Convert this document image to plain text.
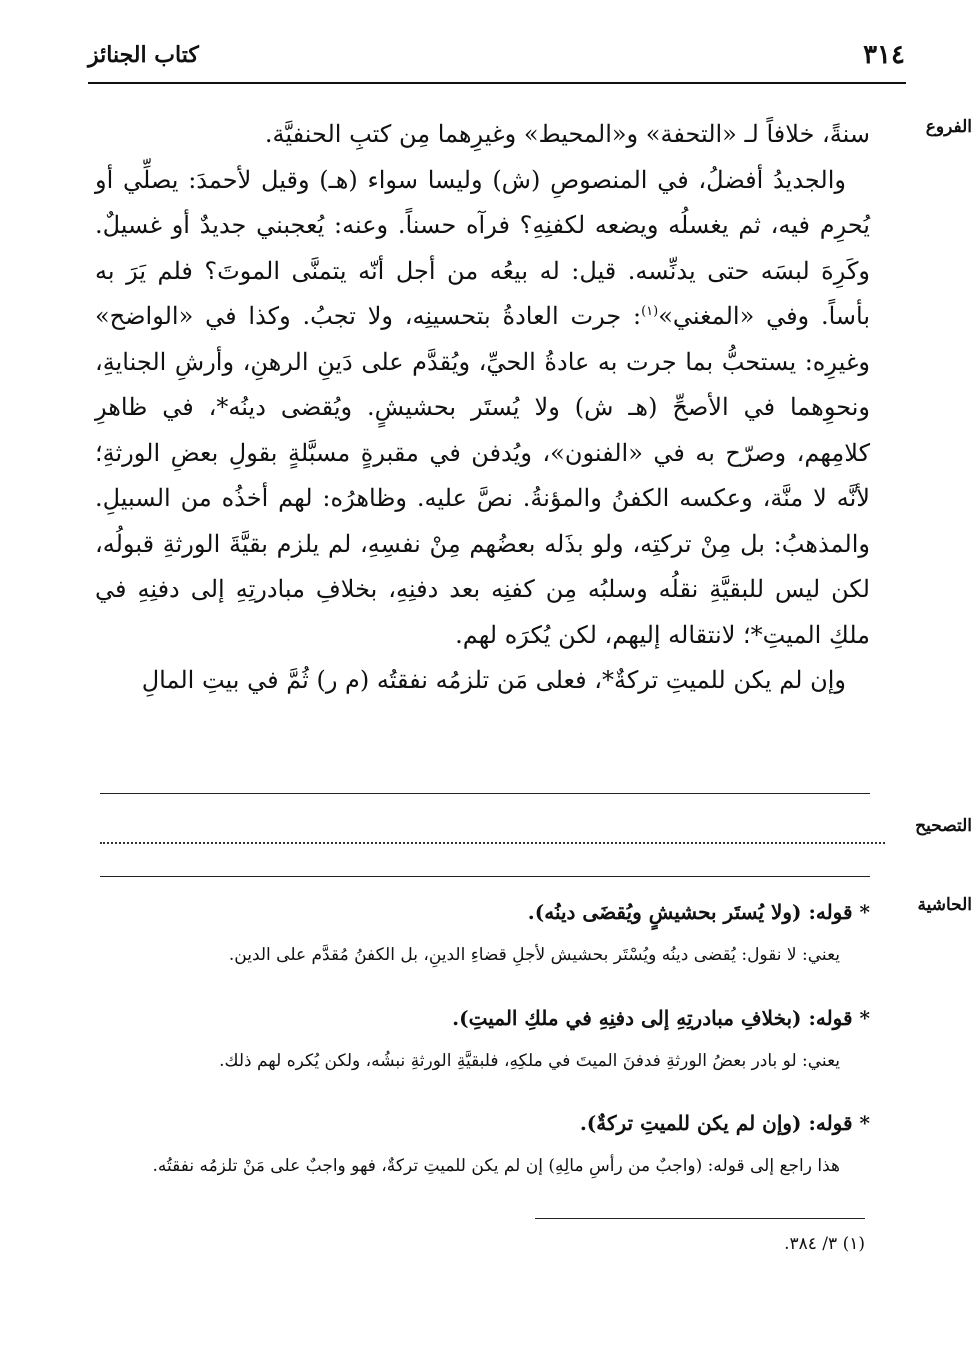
٣١٤
كتاب الجنائز
الفروع
التصحيح
الحاشية

سنةً، خلافاً لـ «التحفة» و«المحيط» وغيرِهما مِن كتبِ الحنفيَّة.

والجديدُ أفضلُ، في المنصوصِ (ش) وليسا سواء (هـ) وقيل لأحمدَ: يصلِّي أو يُحرِم فيه، ثم يغسلُه ويضعه لكفنِهِ؟ فرآه حسناً. وعنه: يُعجبني جديدٌ أو غسيلٌ. وكَرِهَ لبسَه حتى يدنِّسه. قيل: له بيعُه من أجل أنّه يتمنَّى الموتَ؟ فلم يَرَ به بأساً. وفي «المغني»$^{(١)}$: جرت العادةُ بتحسينِه، ولا تجبُ. وكذا في «الواضح» وغيرِه: يستحبُّ بما جرت به عادةُ الحيِّ، ويُقدَّم على دَينِ الرهنِ، وأرشِ الجنايةِ، ونحوِهما في الأصحِّ (هـ ش) ولا يُستَر بحشيشٍ. ويُقضى دينُه*، في ظاهرِ كلامِهم، وصرّح به في «الفنون»، ويُدفن في مقبرةٍ مسبَّلةٍ بقولِ بعضِ الورثةِ؛ لأنَّه لا منَّة، وعكسه الكفنُ والمؤنةُ. نصَّ عليه. وظاهرُه: لهم أخذُه من السبيلِ. والمذهبُ: بل مِنْ تركتِه، ولو بذَله بعضُهم مِنْ نفسِهِ، لم يلزم بقيَّةَ الورثةِ قبولُه، لكن ليس للبقيَّةِ نقلُه وسلبُه مِن كفنِه بعد دفنِهِ، بخلافِ مبادرتِهِ إلى دفنِهِ في ملكِ الميتِ*؛ لانتقاله إليهم، لكن يُكرَه لهم.

وإن لم يكن للميتِ تركةٌ*، فعلى مَن تلزمُه نفقتُه (م ر) ثُمَّ في بيتِ المالِ

* قوله: (ولا يُستَر بحشيشٍ ويُقضَى دينُه).
يعني: لا نقول: يُقضى دينُه ويُسْتَر بحشيش لأجلِ قضاءِ الدينِ، بل الكفنُ مُقدَّم على الدين.
* قوله: (بخلافِ مبادرتِهِ إلى دفنِهِ في ملكِ الميتِ).
يعني: لو بادر بعضُ الورثةِ فدفنَ الميتَ في ملكِهِ، فلبقيَّةِ الورثةِ نبشُه، ولكن يُكره لهم ذلك.
* قوله: (وإن لم يكن للميتِ تركةٌ).
هذا راجع إلى قوله: (واجبٌ من رأسِ مالِهِ) إن لم يكن للميتِ تركةٌ، فهو واجبٌ على مَنْ تلزمُه نفقتُه.
(١) ٣/ ٣٨٤.
